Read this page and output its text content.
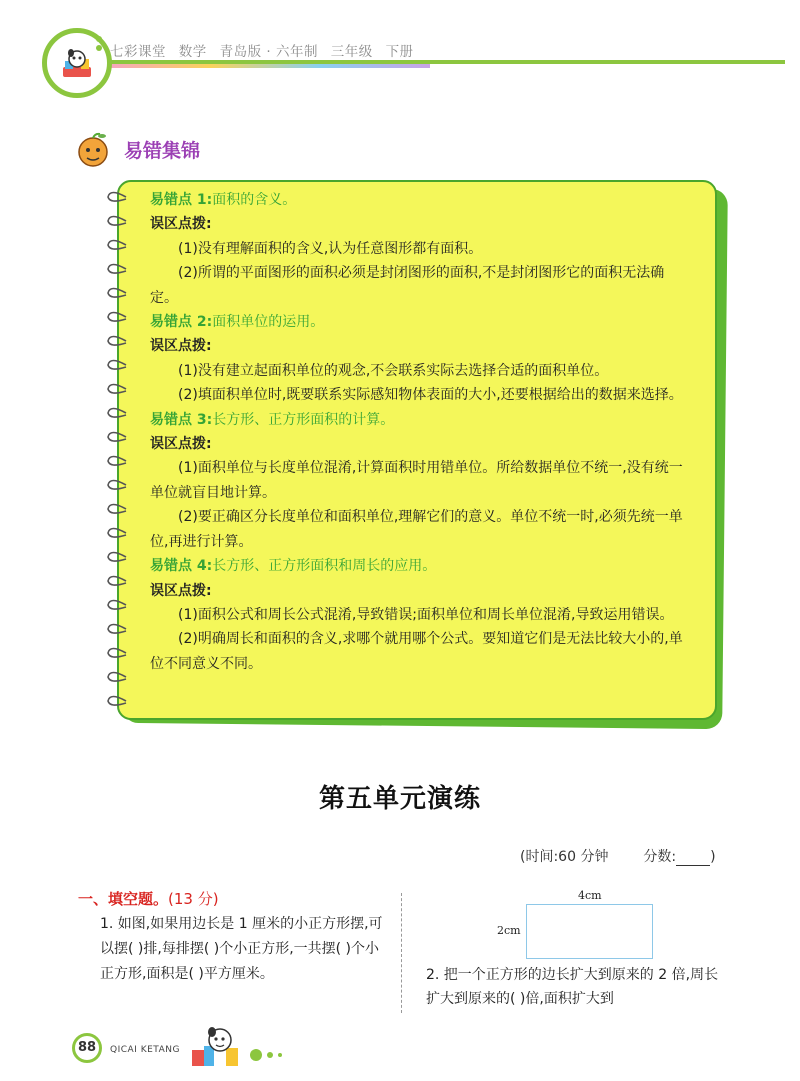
七彩课堂 数学 青岛版 · 六年制 三年级 下册
易错集锦

易错点 1:面积的含义。

误区点拨:

(1)没有理解面积的含义,认为任意图形都有面积。

(2)所谓的平面图形的面积必须是封闭图形的面积,不是封闭图形它的面积无法确定。

易错点 2:面积单位的运用。

误区点拨:

(1)没有建立起面积单位的观念,不会联系实际去选择合适的面积单位。

(2)填面积单位时,既要联系实际感知物体表面的大小,还要根据给出的数据来选择。

易错点 3:长方形、正方形面积的计算。

误区点拨:

(1)面积单位与长度单位混淆,计算面积时用错单位。所给数据单位不统一,没有统一单位就盲目地计算。

(2)要正确区分长度单位和面积单位,理解它们的意义。单位不统一时,必须先统一单位,再进行计算。

易错点 4:长方形、正方形面积和周长的应用。

误区点拨:

(1)面积公式和周长公式混淆,导致错误;面积单位和周长单位混淆,导致运用错误。

(2)明确周长和面积的含义,求哪个就用哪个公式。要知道它们是无法比较大小的,单位不同意义不同。

第五单元演练
(时间:60 分钟 分数: )
一、填空题。(13 分)
1. 如图,如果用边长是 1 厘米的小正方形摆,可以摆( )排,每排摆( )个小正方形,一共摆( )个小正方形,面积是( )平方厘米。
4cm
2cm
2. 把一个正方形的边长扩大到原来的 2 倍,周长扩大到原来的( )倍,面积扩大到
88	QICAI KETANG
